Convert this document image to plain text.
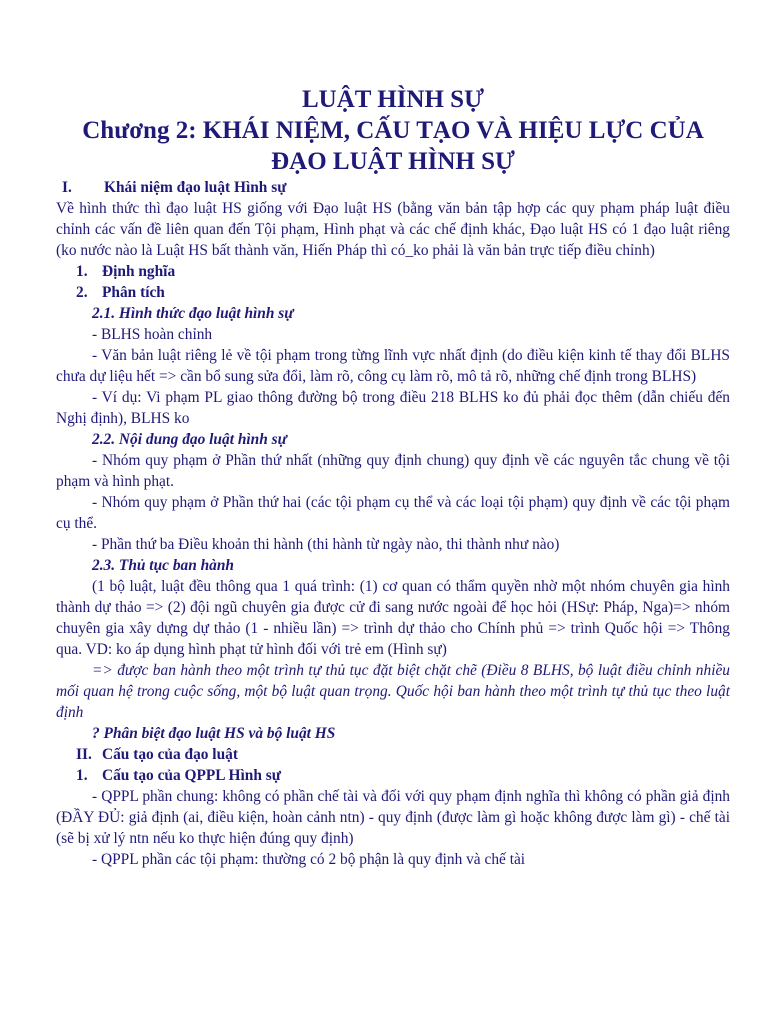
LUẬT HÌNH SỰ

Chương 2: KHÁI NIỆM, CẤU TẠO VÀ HIỆU LỰC CỦA

ĐẠO LUẬT HÌNH SỰ

I. Khái niệm đạo luật Hình sự

Về hình thức thì đạo luật HS giống với Đạo luật HS (bằng văn bản tập hợp các quy phạm pháp luật điều chỉnh các vấn đề liên quan đến Tội phạm, Hình phạt và các chế định khác, Đạo luật HS có 1 đạo luật riêng (ko nước nào là Luật HS bất thành văn, Hiến Pháp thì có_ko phải là văn bản trực tiếp điều chỉnh)

1. Định nghĩa
2. Phân tích

2.1. Hình thức đạo luật hình sự

- BLHS hoàn chỉnh

- Văn bản luật riêng lẻ về tội phạm trong từng lĩnh vực nhất định (do điều kiện kinh tế thay đổi BLHS chưa dự liệu hết => cần bổ sung sửa đổi, làm rõ, công cụ làm rõ, mô tả rõ, những chế định trong BLHS)

- Ví dụ: Vi phạm PL giao thông đường bộ trong điều 218 BLHS ko đủ phải đọc thêm (dẫn chiếu đến Nghị định), BLHS ko

2.2. Nội dung đạo luật hình sự

- Nhóm quy phạm ở Phần thứ nhất (những quy định chung) quy định về các nguyên tắc chung về tội phạm và hình phạt.

- Nhóm quy phạm ở Phần thứ hai (các tội phạm cụ thể và các loại tội phạm) quy định về các tội phạm cụ thể.

- Phần thứ ba Điều khoản thi hành (thi hành từ ngày nào, thi thành như nào)

2.3. Thủ tục ban hành

(1 bộ luật, luật đều thông qua 1 quá trình: (1) cơ quan có thẩm quyền nhờ một nhóm chuyên gia hình thành dự thảo => (2) đội ngũ chuyên gia được cử đi sang nước ngoài để học hỏi (HSự: Pháp, Nga)=> nhóm chuyên gia xây dựng dự thảo (1 - nhiều lần) => trình dự thảo cho Chính phủ => trình Quốc hội => Thông qua. VD: ko áp dụng hình phạt tử hình đối với trẻ em (Hình sự)

=> được ban hành theo một trình tự thủ tục đặt biệt chặt chẽ (Điều 8 BLHS, bộ luật điều chỉnh nhiều mối quan hệ trong cuộc sống, một bộ luật quan trọng. Quốc hội ban hành theo một trình tự thủ tục theo luật định

? Phân biệt đạo luật HS và bộ luật HS

II. Cấu tạo của đạo luật
1. Cấu tạo của QPPL Hình sự

- QPPL phần chung: không có phần chế tài và đối với quy phạm định nghĩa thì không có phần giả định (ĐẦY ĐỦ: giả định (ai, điều kiện, hoàn cảnh ntn) - quy định (được làm gì hoặc không được làm gì) - chế tài (sẽ bị xử lý ntn nếu ko thực hiện đúng quy định)

- QPPL phần các tội phạm: thường có 2 bộ phận là quy định và chế tài
